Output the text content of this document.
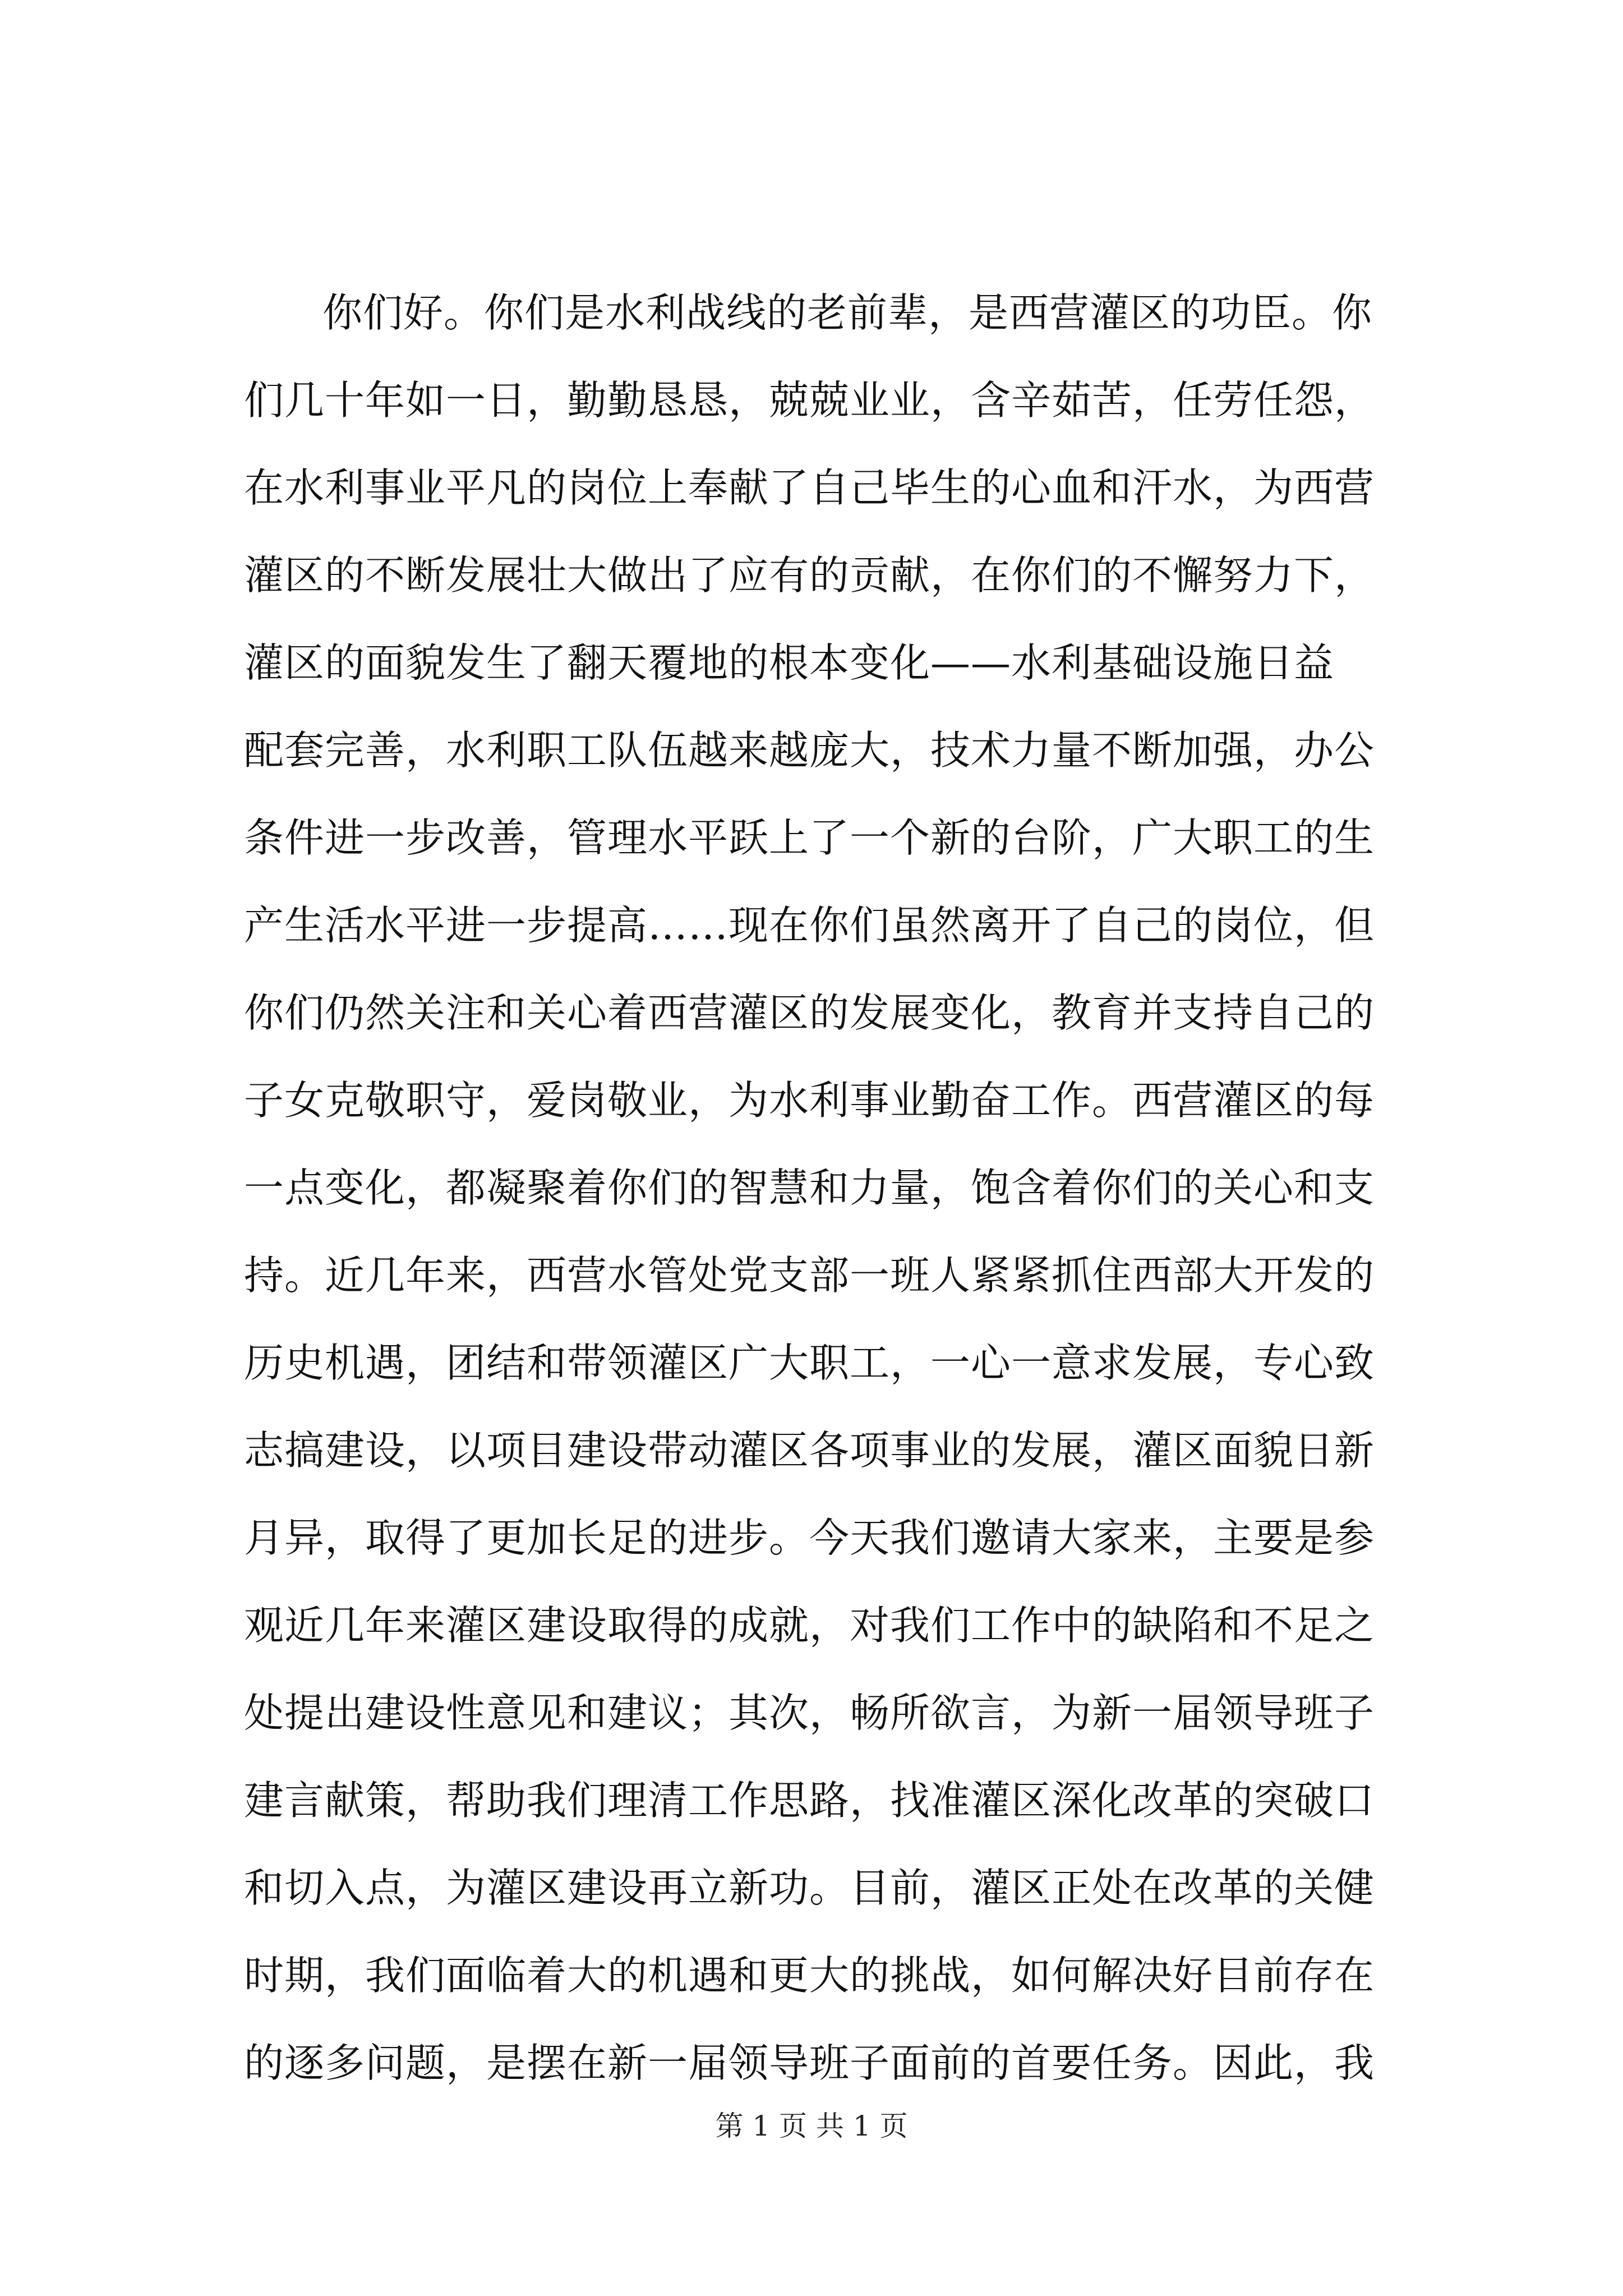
你们好。你们是水利战线的老前辈，是西营灌区的功臣。你
们几十年如一日，勤勤恳恳，兢兢业业，含辛茹苦，任劳任怨，
在水利事业平凡的岗位上奉献了自己毕生的心血和汗水，为西营
灌区的不断发展壮大做出了应有的贡献，在你们的不懈努力下，
灌区的面貌发生了翻天覆地的根本变化——水利基础设施日益
配套完善，水利职工队伍越来越庞大，技术力量不断加强，办公
条件进一步改善，管理水平跃上了一个新的台阶，广大职工的生
产生活水平进一步提高……现在你们虽然离开了自己的岗位，但
你们仍然关注和关心着西营灌区的发展变化，教育并支持自己的
子女克敬职守，爱岗敬业，为水利事业勤奋工作。西营灌区的每
一点变化，都凝聚着你们的智慧和力量，饱含着你们的关心和支
持。近几年来，西营水管处党支部一班人紧紧抓住西部大开发的
历史机遇，团结和带领灌区广大职工，一心一意求发展，专心致
志搞建设，以项目建设带动灌区各项事业的发展，灌区面貌日新
月异，取得了更加长足的进步。今天我们邀请大家来，主要是参
观近几年来灌区建设取得的成就，对我们工作中的缺陷和不足之
处提出建设性意见和建议；其次，畅所欲言，为新一届领导班子
建言献策，帮助我们理清工作思路，找准灌区深化改革的突破口
和切入点，为灌区建设再立新功。目前，灌区正处在改革的关健
时期，我们面临着大的机遇和更大的挑战，如何解决好目前存在
的逐多问题，是摆在新一届领导班子面前的首要任务。因此，我
第 1 页 共 1 页
